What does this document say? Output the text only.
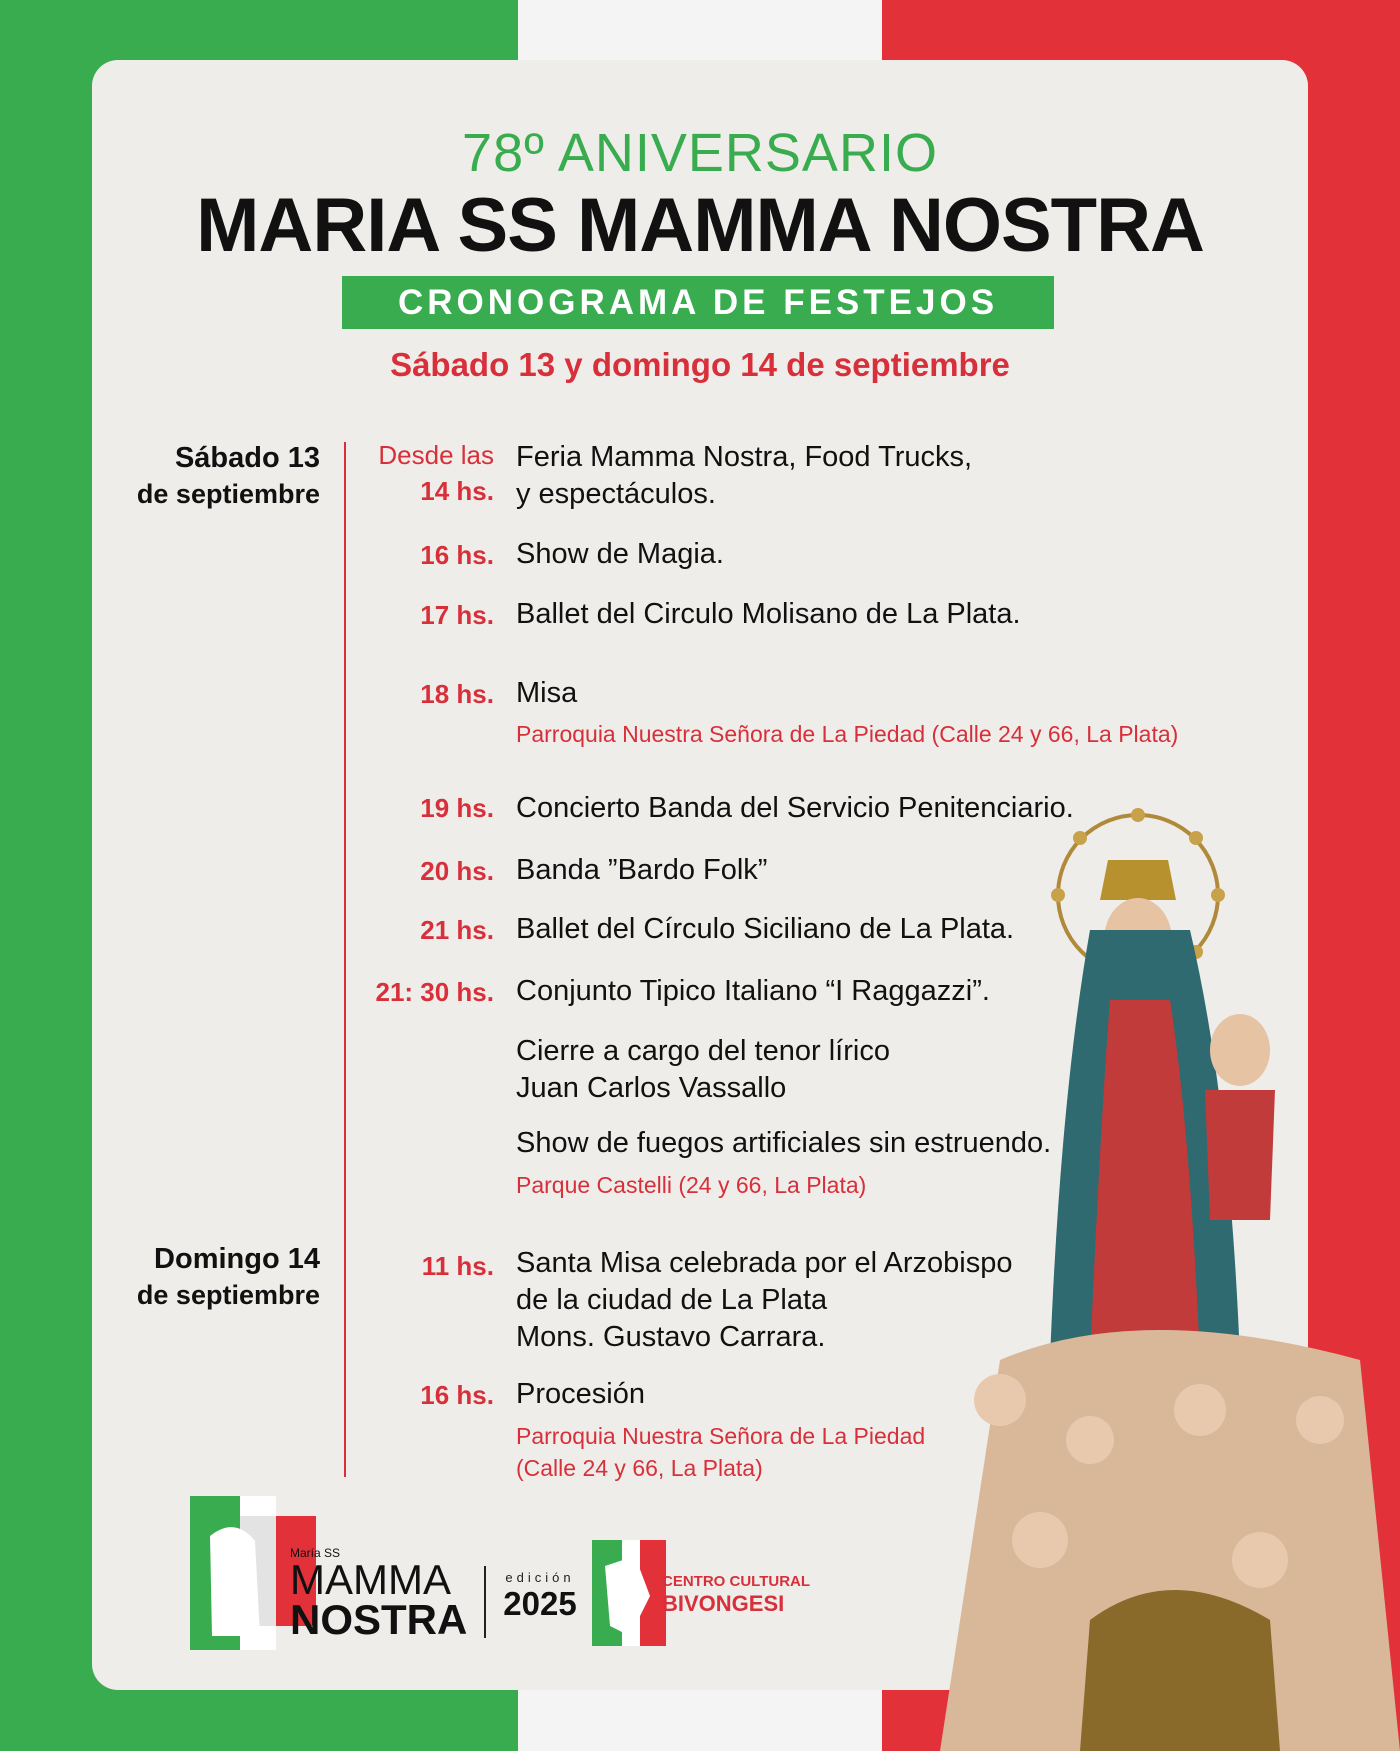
78º ANIVERSARIO
MARIA SS MAMMA NOSTRA
CRONOGRAMA DE FESTEJOS
Sábado 13 y domingo 14 de septiembre
Sábado 13
de septiembre
Desde las
14 hs.
Feria Mamma Nostra, Food Trucks,
y espectáculos.
16 hs. Show de Magia.
17 hs. Ballet del Circulo Molisano de La Plata.
18 hs. Misa
Parroquia Nuestra Señora de La Piedad (Calle 24 y 66, La Plata)
19 hs. Concierto Banda del Servicio Penitenciario.
20 hs. Banda ”Bardo Folk”
21 hs. Ballet del Círculo Siciliano de La Plata.
21: 30 hs. Conjunto Tipico Italiano “I Raggazzi”.
Cierre a cargo del tenor lírico
Juan Carlos Vassallo
Show de fuegos artificiales sin estruendo.
Parque Castelli (24 y 66, La Plata)
Domingo 14
de septiembre
11 hs. Santa Misa celebrada por el Arzobispo
de la ciudad de La Plata
Mons. Gustavo Carrara.
16 hs. Procesión
Parroquia Nuestra Señora de La Piedad
(Calle 24 y 66, La Plata)
María SS
MAMMA
NOSTRA
edición
2025
CENTRO CULTURAL
BIVONGESI
